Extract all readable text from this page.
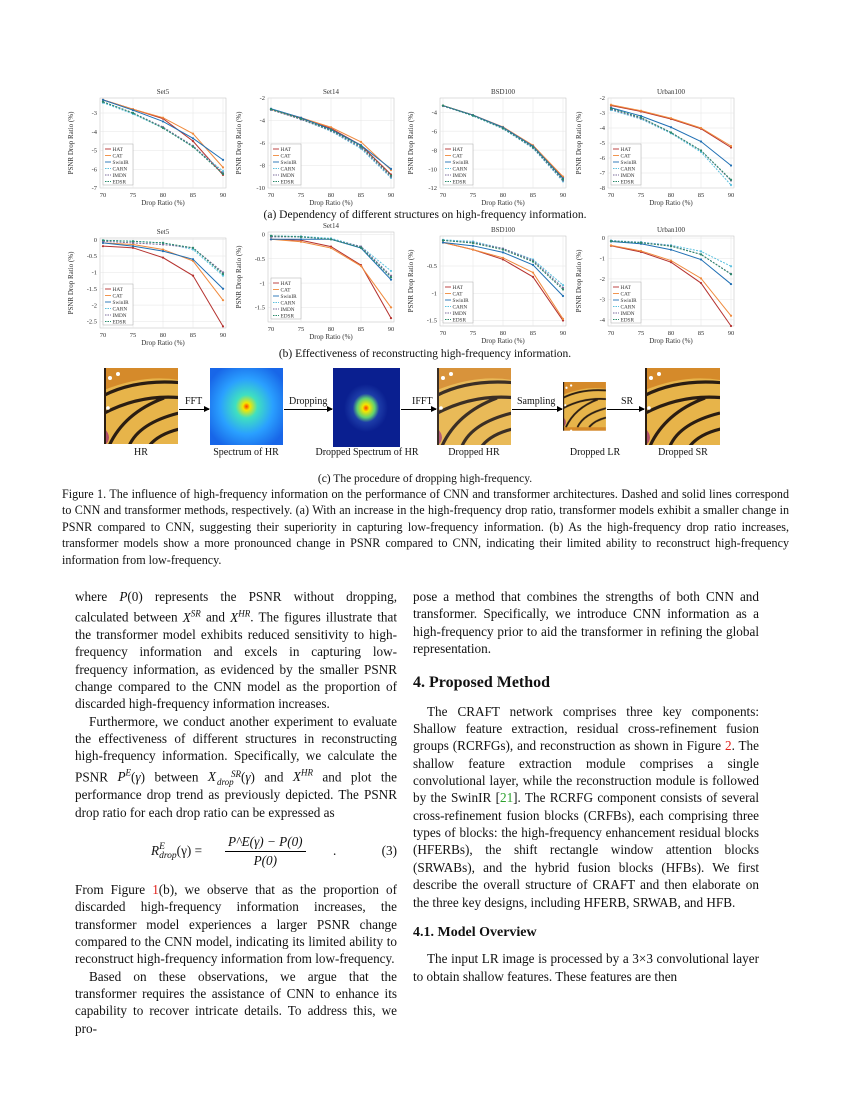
70	75	80	85	90
-3
-4
-5
-6
-7
Set5
Drop Ratio (%)
PSNR Drop Ratio (%)	HAT
CAT
SwinIR
CARN
IMDN
EDSR
70	75	80	85	90
-2
-4
-6
-8
-10
Set14
Drop Ratio (%)
PSNR Drop Ratio (%)	HAT
CAT
SwinIR
CARN
IMDN
EDSR
70	75	80	85	90
-4
-6
-8
-10
-12
BSD100
Drop Ratio (%)
PSNR Drop Ratio (%)	HAT
CAT
SwinIR
CARN
IMDN
EDSR
70	75	80	85	90
-2
-3
-4
-5
-6
-7
-8
Urban100
Drop Ratio (%)
PSNR Drop Ratio (%)	HAT
CAT
SwinIR
CARN
IMDN
EDSR
(a) Dependency of different structures on high-frequency information.
70	75	80	85	90
0
-0.5
-1
-1.5
-2
-2.5
Set5
Drop Ratio (%)
PSNR Drop Ratio (%)	HAT
CAT
SwinIR
CARN
IMDN
EDSR
70	75	80	85	90
0
-0.5
-1
-1.5
Set14
Drop Ratio (%)
PSNR Drop Ratio (%)	HAT
CAT
SwinIR
CARN
IMDN
EDSR
70	75	80	85	90
-0.5
-1
-1.5
BSD100
Drop Ratio (%)
PSNR Drop Ratio (%)	HAT
CAT
SwinIR
CARN
IMDN
EDSR
70	75	80	85	90
0
-1
-2
-3
-4
Urban100
Drop Ratio (%)
PSNR Drop Ratio (%)	HAT
CAT
SwinIR
CARN
IMDN
EDSR
(b) Effectiveness of reconstructing high-frequency information.
FFT	Dropping	IFFT	Sampling	SR
HR	Spectrum of HR	Dropped Spectrum of HR	Dropped HR	Dropped LR	Dropped SR
(c) The procedure of dropping high-frequency.
Figure 1. The influence of high-frequency information on the performance of CNN and transformer architectures. Dashed and solid lines correspond to CNN and transformer methods, respectively. (a) With an increase in the high-frequency drop ratio, transformer models exhibit a smaller change in PSNR compared to CNN, suggesting their superiority in capturing low-frequency information. (b) As the high-frequency drop ratio increases, transformer models show a more pronounced change in PSNR compared to CNN, indicating their limited ability to reconstruct high-frequency information from low-frequency.

where P(0) represents the PSNR without dropping, calculated between $X^{SR}$ and $X^{HR}$. The figures illustrate that the transformer model exhibits reduced sensitivity to high-frequency information and excels in capturing low-frequency information, as evidenced by the smaller PSNR change compared to the CNN model as the proportion of discarded high-frequency information increases.

Furthermore, we conduct another experiment to evaluate the effectiveness of different structures in reconstructing high-frequency information. Specifically, we calculate the PSNR $P^E(\gamma)$ between X SR
drop (γ) and $X^{HR}$ and plot the performance drop trend as previously depicted. The PSNR drop ratio for each drop ratio can be expressed as

RE
drop(γ) = $\frac{P\^{}E(\gamma) - P(0)}{P(0)}$ .	(3)

From Figure 1(b), we observe that as the proportion of discarded high-frequency information increases, the transformer model experiences a larger PSNR change compared to the CNN model, indicating its limited ability to reconstruct high-frequency information from low-frequency.

Based on these observations, we argue that the transformer requires the assistance of CNN to enhance its capability to recover intricate details. To address this, we pro-

pose a method that combines the strengths of both CNN and transformer. Specifically, we introduce CNN information as a high-frequency prior to aid the transformer in refining the global representation.

4. Proposed Method

The CRAFT network comprises three key components: Shallow feature extraction, residual cross-refinement fusion groups (RCRFGs), and reconstruction as shown in Figure 2. The shallow feature extraction module comprises a single convolutional layer, while the reconstruction module is followed by the SwinIR [21]. The RCRFG component consists of several cross-refinement fusion blocks (CRFBs), each comprising three types of blocks: the high-frequency enhancement residual blocks (HFERBs), the shift rectangle window attention blocks (SRWABs), and the hybrid fusion blocks (HFBs). We first describe the overall structure of CRAFT and then elaborate on the three key designs, including HFERB, SRWAB, and HFB.

4.1. Model Overview

The input LR image is processed by a 3×3 convolutional layer to obtain shallow features. These features are then
